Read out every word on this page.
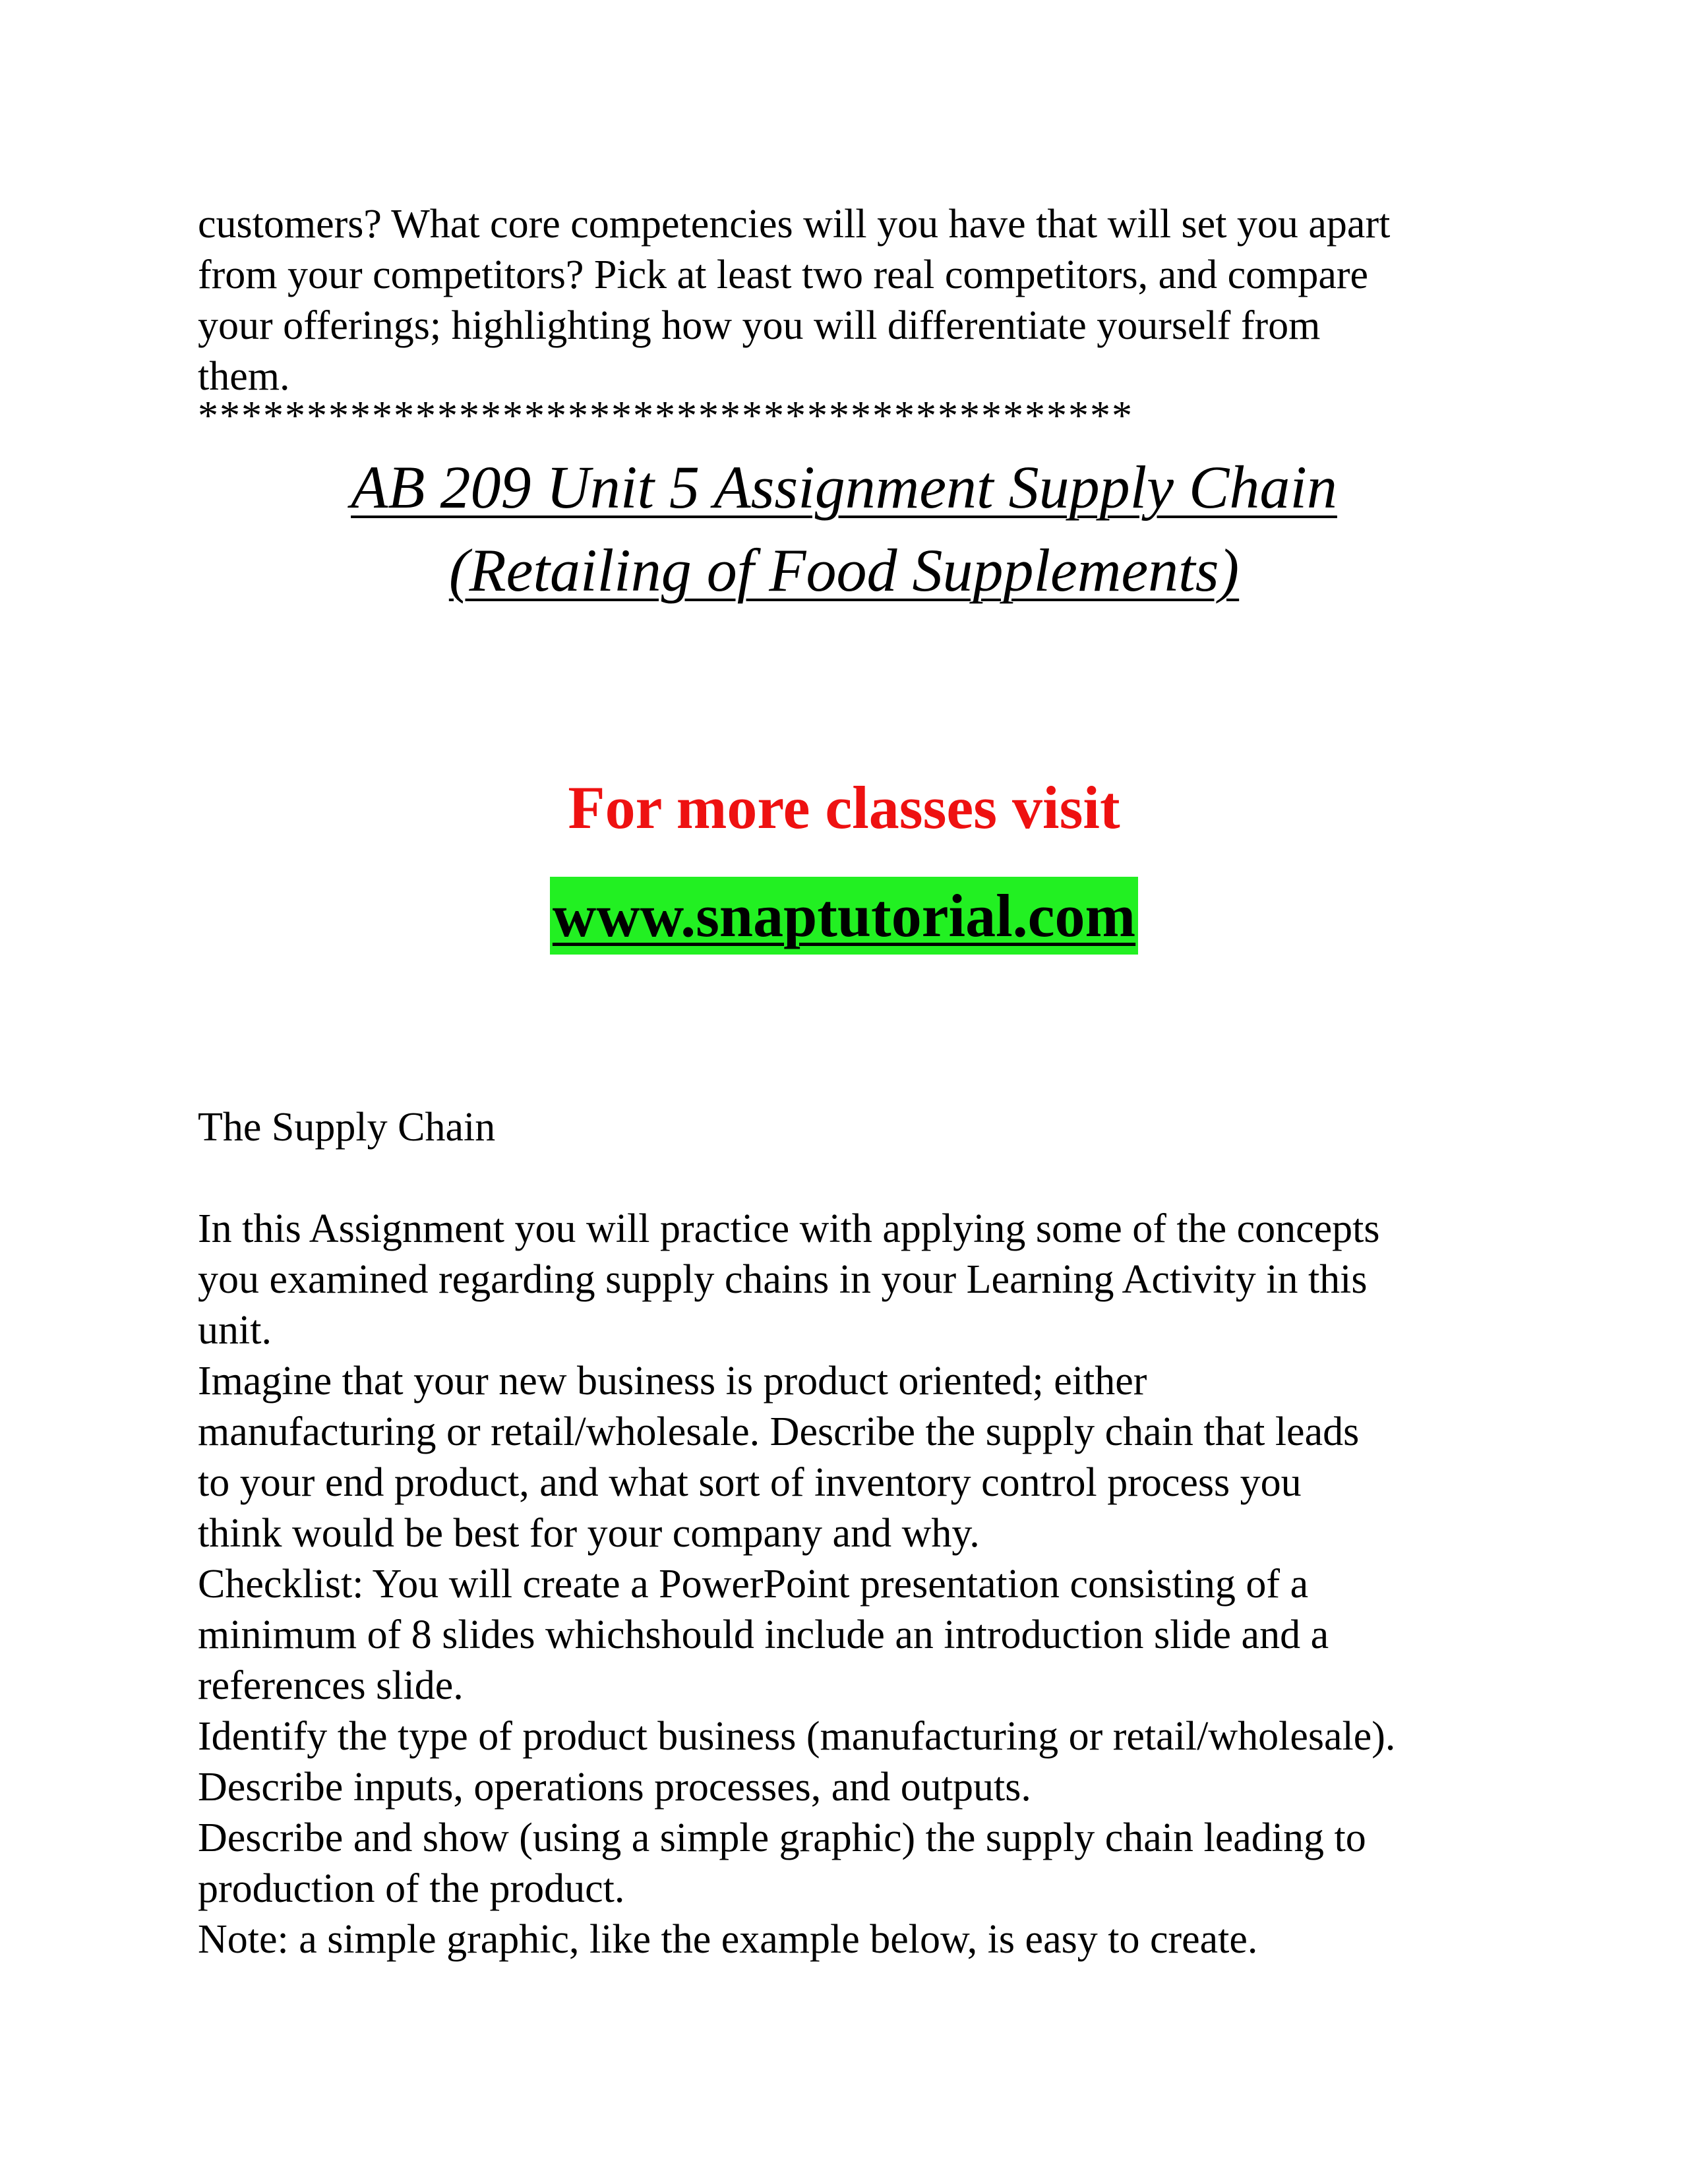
customers? What core competencies will you have that will set you apart
from your competitors? Pick at least two real competitors, and compare
your offerings; highlighting how you will differentiate yourself from
them.
*******************************************
AB 209 Unit 5 Assignment Supply Chain
(Retailing of Food Supplements)
For more classes visit
www.snaptutorial.com
The Supply Chain
In this Assignment you will practice with applying some of the concepts
you examined regarding supply chains in your Learning Activity in this
unit.
Imagine that your new business is product oriented; either
manufacturing or retail/wholesale. Describe the supply chain that leads
to your end product, and what sort of inventory control process you
think would be best for your company and why.
Checklist: You will create a PowerPoint presentation consisting of a
minimum of 8 slides whichshould include an introduction slide and a
references slide.
Identify the type of product business (manufacturing or retail/wholesale).
Describe inputs, operations processes, and outputs.
Describe and show (using a simple graphic) the supply chain leading to
production of the product.
Note: a simple graphic, like the example below, is easy to create.
